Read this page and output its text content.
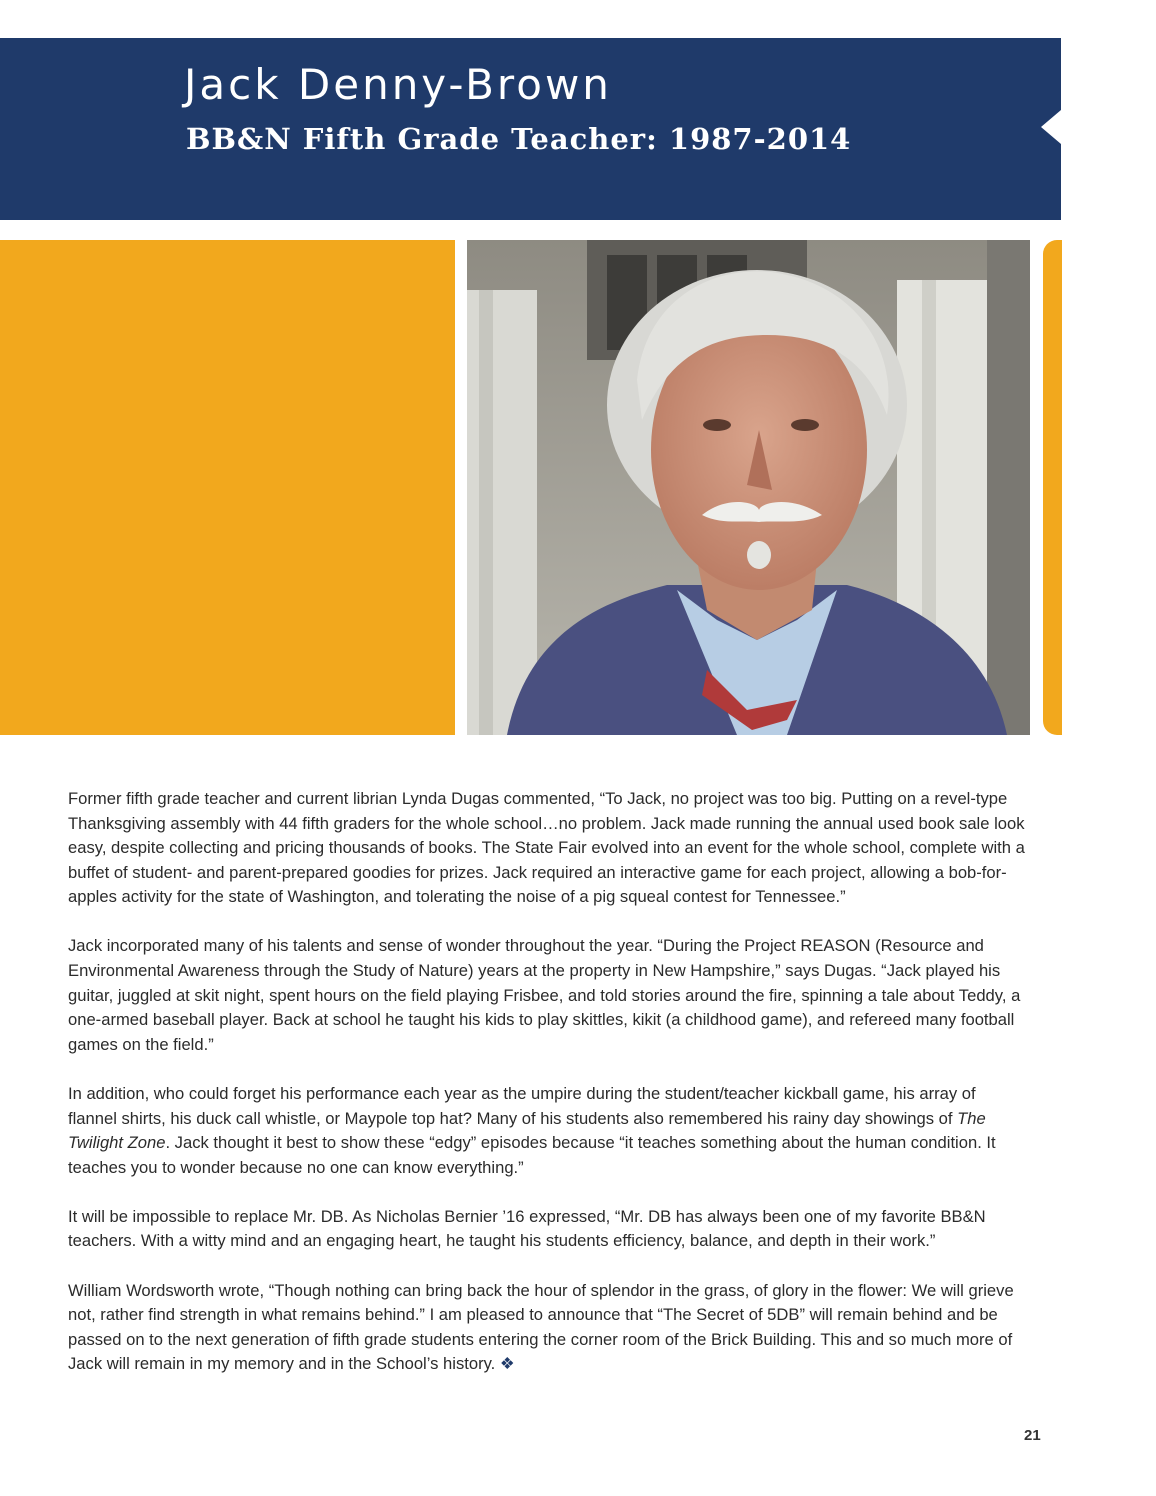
Jack Denny-Brown
BB&N Fifth Grade Teacher: 1987-2014

Former fifth grade teacher and current librian Lynda Dugas commented, “To Jack, no project was too big. Putting on a revel-type Thanksgiving assembly with 44 fifth graders for the whole school…no problem. Jack made running the annual used book sale look easy, despite collecting and pricing thousands of books. The State Fair evolved into an event for the whole school, complete with a buffet of student- and parent-prepared goodies for prizes. Jack required an interactive game for each project, allowing a bob-for-apples activity for the state of Washington, and tolerating the noise of a pig squeal contest for Tennessee.”

Jack incorporated many of his talents and sense of wonder throughout the year. “During the Project REASON (Resource and Environmental Awareness through the Study of Nature) years at the property in New Hampshire,” says Dugas. “Jack played his guitar, juggled at skit night, spent hours on the field playing Frisbee, and told stories around the fire, spinning a tale about Teddy, a one-armed baseball player. Back at school he taught his kids to play skittles, kikit (a childhood game), and refereed many football games on the field.”

In addition, who could forget his performance each year as the umpire during the student/teacher kickball game, his array of flannel shirts, his duck call whistle, or Maypole top hat? Many of his students also remembered his rainy day showings of The Twilight Zone. Jack thought it best to show these “edgy” episodes because “it teaches something about the human condition. It teaches you to wonder because no one can know everything.”

It will be impossible to replace Mr. DB. As Nicholas Bernier ’16 expressed, “Mr. DB has always been one of my favorite BB&N teachers. With a witty mind and an engaging heart, he taught his students efficiency, balance, and depth in their work.”

William Wordsworth wrote, “Though nothing can bring back the hour of splendor in the grass, of glory in the flower: We will grieve not, rather find strength in what remains behind.” I am pleased to announce that “The Secret of 5DB” will remain behind and be passed on to the next generation of fifth grade students entering the corner room of the Brick Building. This and so much more of Jack will remain in my memory and in the School’s history. ❖

21
